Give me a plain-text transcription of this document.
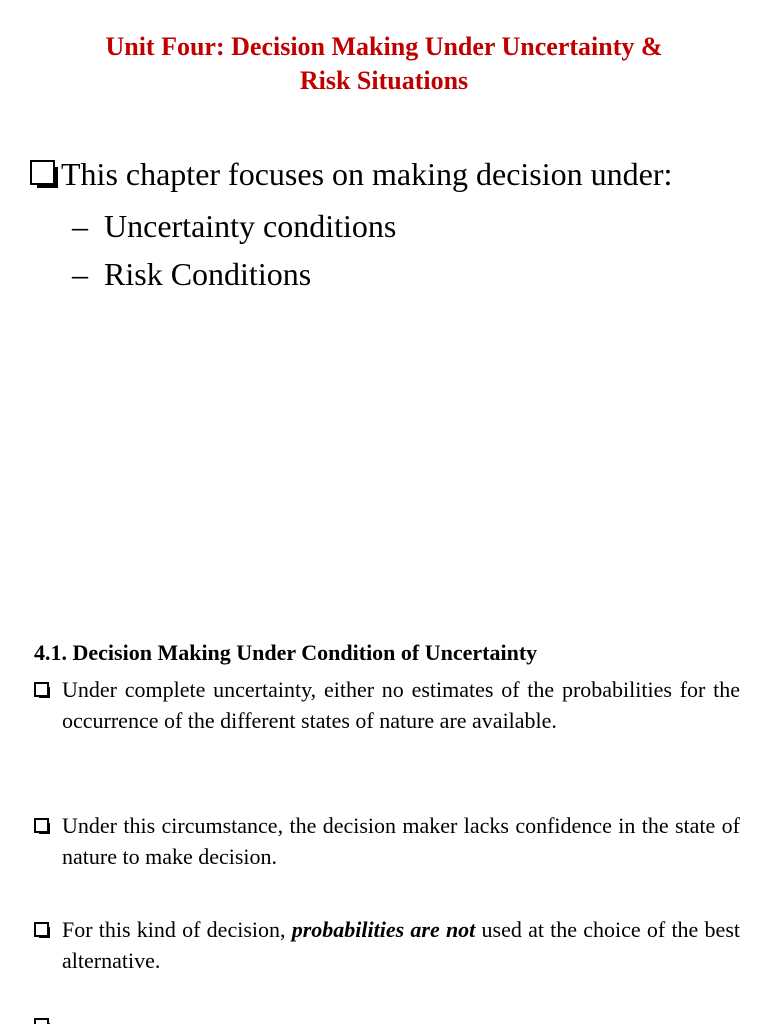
Unit Four: Decision Making Under Uncertainty &
Risk Situations

This chapter focuses on making decision under:

– Uncertainty conditions
– Risk Conditions
4.1. Decision Making Under Condition of Uncertainty

Under complete uncertainty, either no estimates of the probabilities for the occurrence of the different states of nature are available.

Under this circumstance, the decision maker lacks confidence in the state of nature to make decision.

For this kind of decision, probabilities are not used at the choice of the best alternative.
